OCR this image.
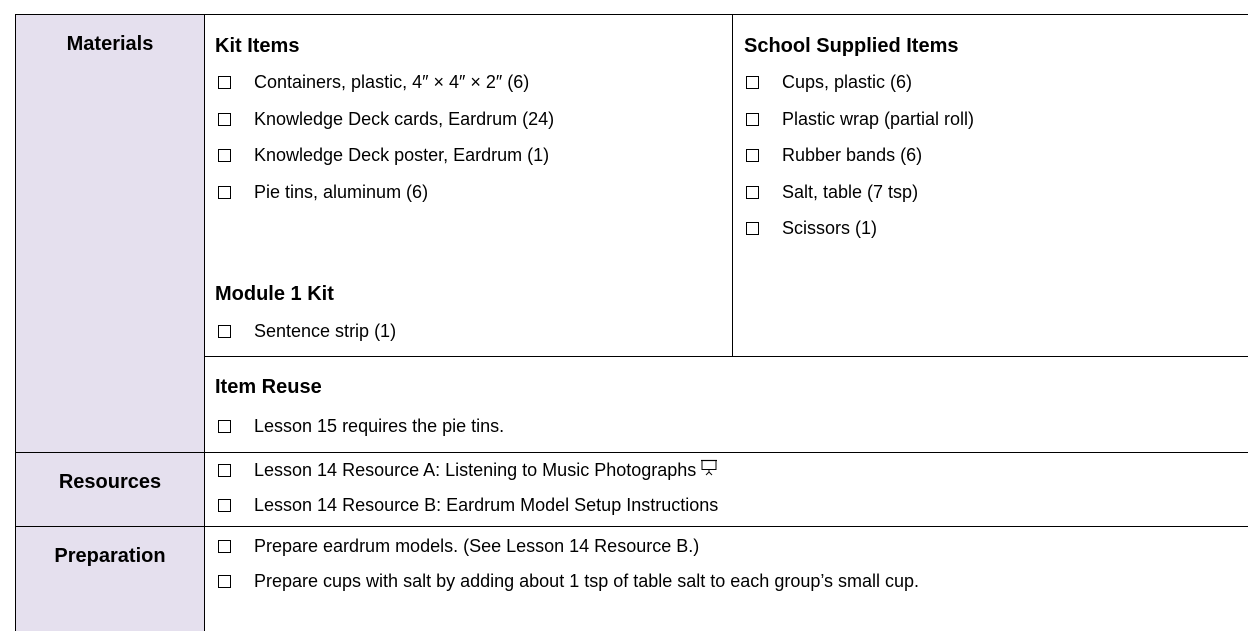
Materials
Resources
Preparation
Kit Items
Containers, plastic, 4″ × 4″ × 2″ (6)
Knowledge Deck cards, Eardrum (24)
Knowledge Deck poster, Eardrum (1)
Pie tins, aluminum (6)
Module 1 Kit
Sentence strip (1)
School Supplied Items
Cups, plastic (6)
Plastic wrap (partial roll)
Rubber bands (6)
Salt, table (7 tsp)
Scissors (1)
Item Reuse
Lesson 15 requires the pie tins.
Lesson 14 Resource A: Listening to Music Photographs
Lesson 14 Resource B: Eardrum Model Setup Instructions
Prepare eardrum models. (See Lesson 14 Resource B.)
Prepare cups with salt by adding about 1 tsp of table salt to each group’s small cup.
